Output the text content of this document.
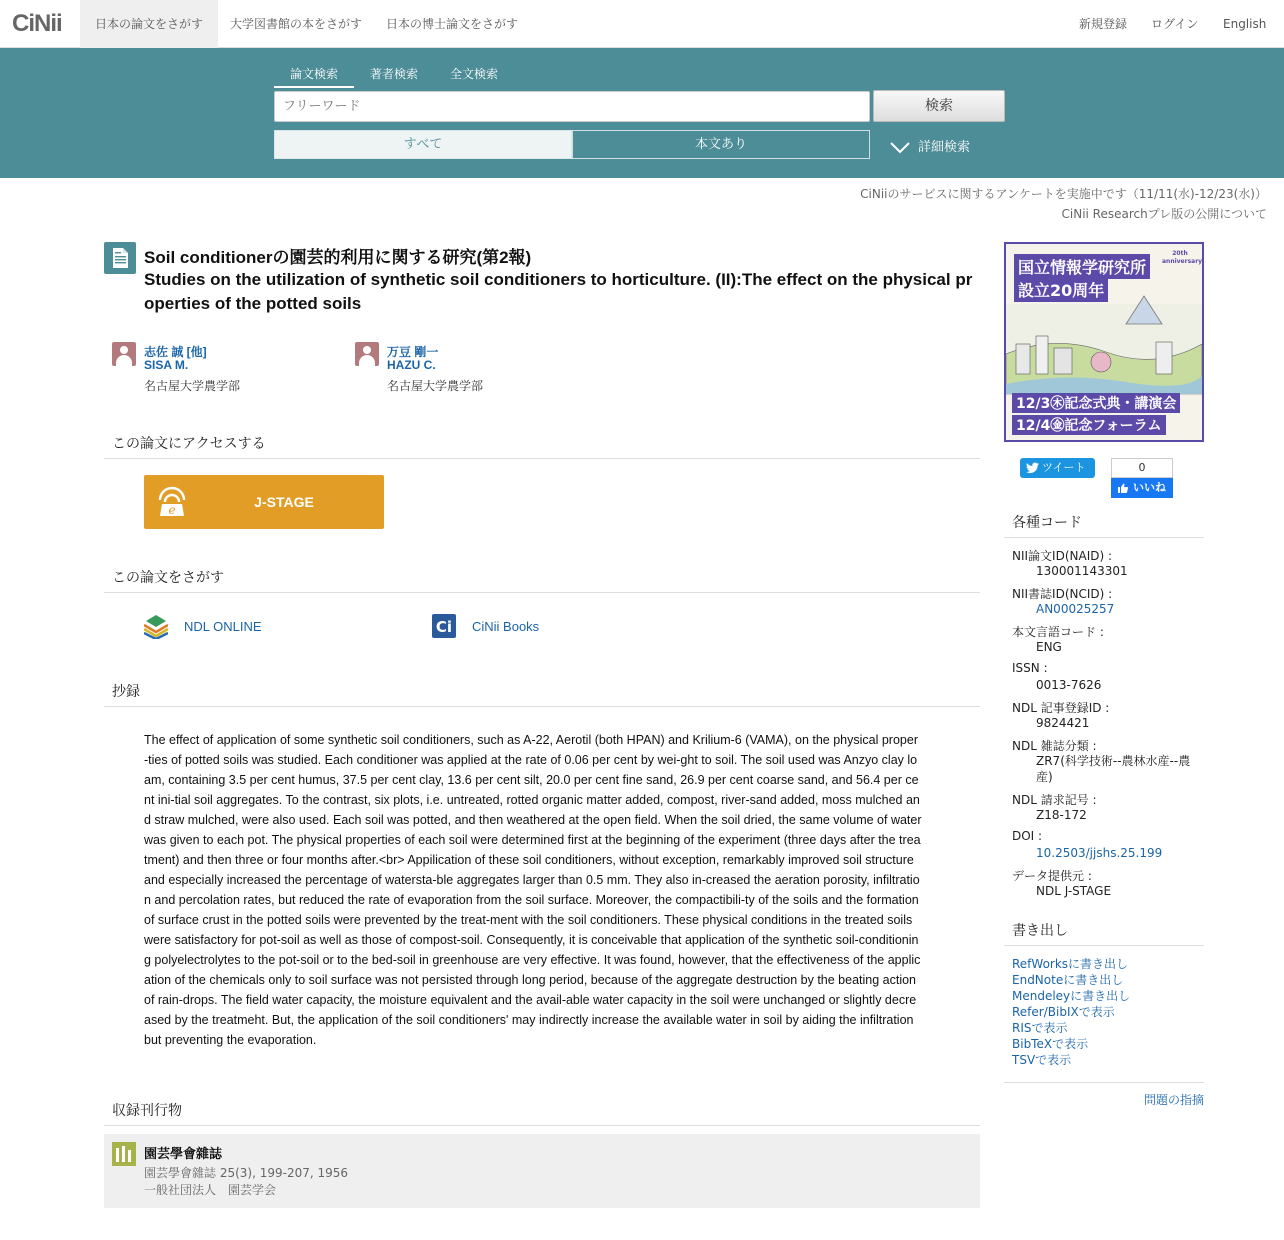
CiNii	日本の論文をさがす	大学図書館の本をさがす	日本の博士論文をさがす	新規登録 ログイン English
論文検索	著者検索	全文検索
フリーワード
検索
すべて	本文あり	詳細検索
CiNiiのサービスに関するアンケートを実施中です（11/11(水)-12/23(水)）
CiNii Researchプレ版の公開について
Soil conditionerの園芸的利用に関する研究(第2報)
Studies on the utilization of synthetic soil conditioners to horticulture. (II):The effect on the physical properties of the potted soils
志佐 誠 [他]
SISA M.
名古屋大学農学部
万豆 剛一
HAZU C.
名古屋大学農学部
この論文にアクセスする
e	J-STAGE
この論文をさがす
NDL ONLINE	Ci CiNii Books
抄録
The effect of application of some synthetic soil conditioners, such as A-22, Aerotil (both HPAN) and Krilium-6 (VAMA), on the physical proper-ties of potted soils was studied. Each conditioner was applied at the rate of 0.06 per cent by wei-ght to soil. The soil used was Anzyo clay loam, containing 3.5 per cent humus, 37.5 per cent clay, 13.6 per cent silt, 20.0 per cent fine sand, 26.9 per cent coarse sand, and 56.4 per cent ini-tial soil aggregates. To the contrast, six plots, i.e. untreated, rotted organic matter added, compost, river-sand added, moss mulched and straw mulched, were also used. Each soil was potted, and then weathered at the open field. When the soil dried, the same volume of water was given to each pot. The physical properties of each soil were determined first at the beginning of the experiment (three days after the treatment) and then three or four months after.<br> Appilication of these soil conditioners, without exception, remarkably improved soil structure and especially increased the percentage of watersta-ble aggregates larger than 0.5 mm. They also in-creased the aeration porosity, infiltration and percolation rates, but reduced the rate of evaporation from the soil surface. Moreover, the compactibili-ty of the soils and the formation of surface crust in the potted soils were prevented by the treat-ment with the soil conditioners. These physical conditions in the treated soils were satisfactory for pot-soil as well as those of compost-soil. Consequently, it is conceivable that application of the synthetic soil-conditioning polyelectrolytes to the pot-soil or to the bed-soil in greenhouse are very effective. It was found, however, that the effectiveness of the application of the chemicals only to soil surface was not persisted through long period, because of the aggregate destruction by the beating action of rain-drops. The field water capacity, the moisture equivalent and the avail-able water capacity in the soil were unchanged or slightly decreased by the treatmeht. But, the application of the soil conditioners' may indirectly increase the available water in soil by aiding the infiltration but preventing the evaporation.
収録刊行物
園芸學會雜誌
園芸學會雜誌 25(3), 199-207, 1956
一般社団法人　園芸学会
国立情報学研究所
設立20周年
20th anniversary
12/3㊍記念式典・講演会
12/4㊎記念フォーラム
ツイート	0
いいね
各種コード
NII論文ID(NAID) :
130001143301
NII書誌ID(NCID) :
AN00025257
本文言語コード :
ENG
ISSN :
0013-7626
NDL 記事登録ID :
9824421
NDL 雑誌分類 :
ZR7(科学技術--農林水産--農産)
NDL 請求記号 :
Z18-172
DOI :
10.2503/jjshs.25.199
データ提供元 :
NDL J-STAGE
書き出し
RefWorksに書き出し
EndNoteに書き出し
Mendeleyに書き出し
Refer/BibIXで表示
RISで表示
BibTeXで表示
TSVで表示
問題の指摘
